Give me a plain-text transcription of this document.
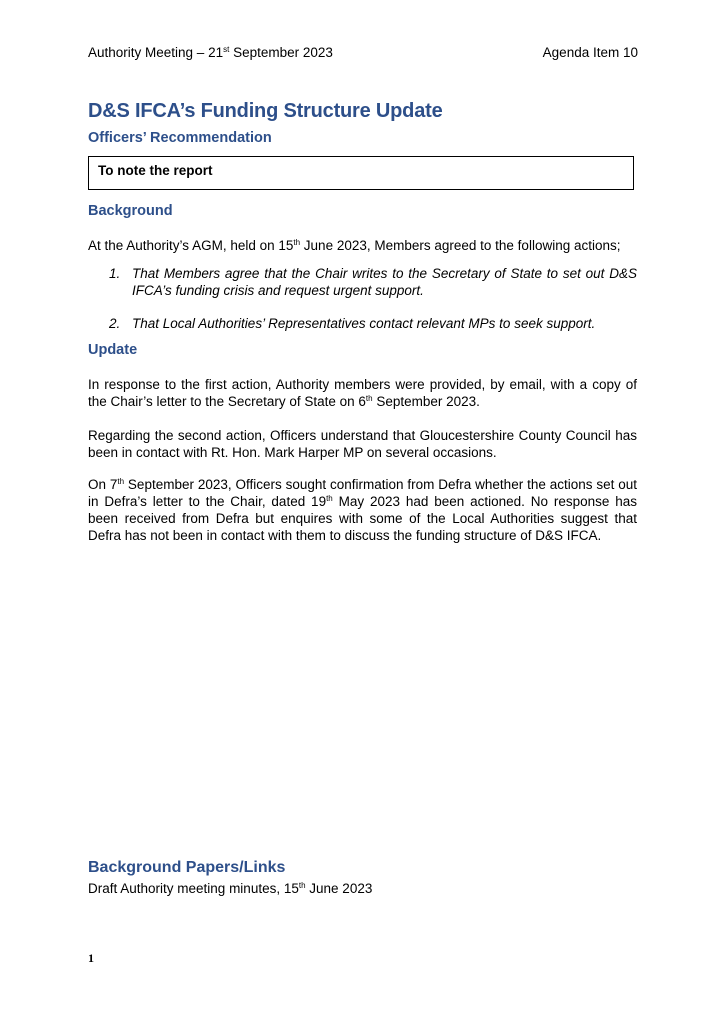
Authority Meeting – 21st September 2023	Agenda Item 10
D&S IFCA’s Funding Structure Update
Officers’ Recommendation
To note the report
Background
At the Authority’s AGM, held on 15th June 2023, Members agreed to the following actions;
1. That Members agree that the Chair writes to the Secretary of State to set out D&S IFCA’s funding crisis and request urgent support.
2. That Local Authorities’ Representatives contact relevant MPs to seek support.
Update
In response to the first action, Authority members were provided, by email, with a copy of the Chair’s letter to the Secretary of State on 6th September 2023.
Regarding the second action, Officers understand that Gloucestershire County Council has been in contact with Rt. Hon. Mark Harper MP on several occasions.
On 7th September 2023, Officers sought confirmation from Defra whether the actions set out in Defra’s letter to the Chair, dated 19th May 2023 had been actioned. No response has been received from Defra but enquires with some of the Local Authorities suggest that Defra has not been in contact with them to discuss the funding structure of D&S IFCA.
Background Papers/Links
Draft Authority meeting minutes, 15th June 2023
1
